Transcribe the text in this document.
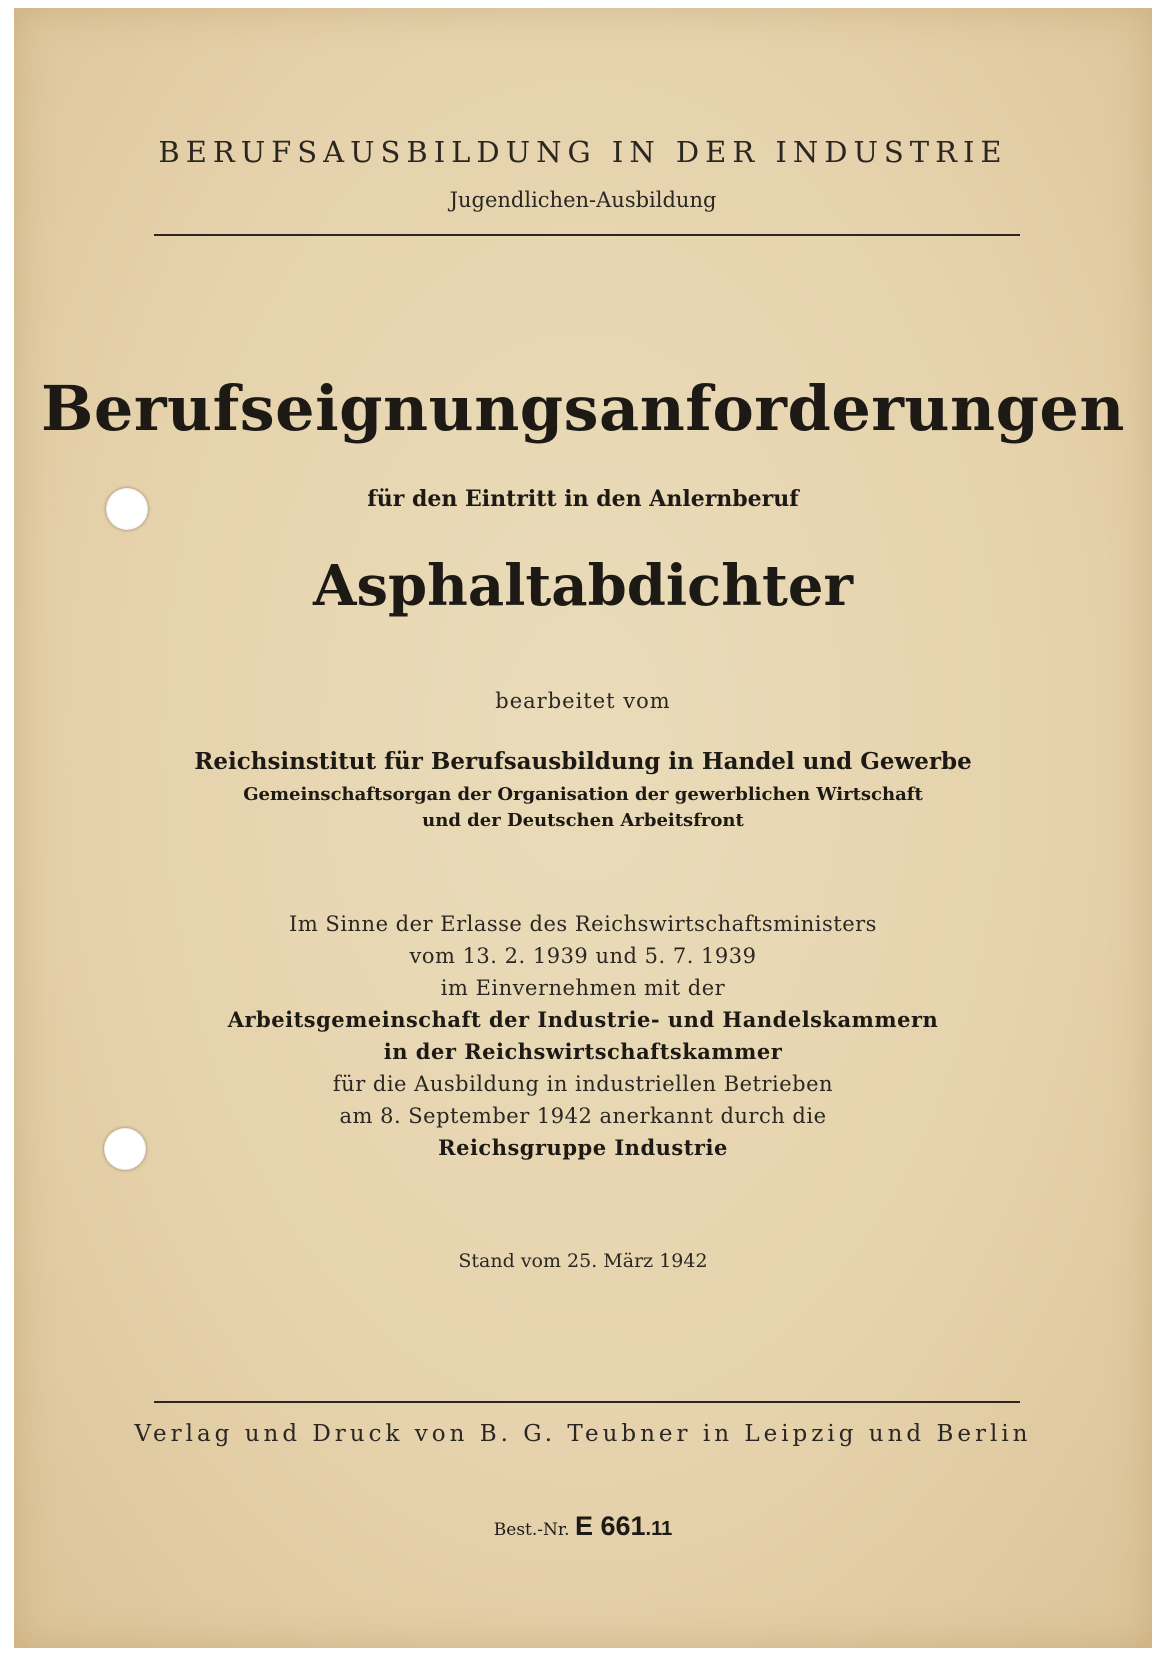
BERUFSAUSBILDUNG IN DER INDUSTRIE
Jugendlichen-Ausbildung
Berufseignungsanforderungen
für den Eintritt in den Anlernberuf
Asphaltabdichter
bearbeitet vom
Reichsinstitut für Berufsausbildung in Handel und Gewerbe
Gemeinschaftsorgan der Organisation der gewerblichen Wirtschaft
und der Deutschen Arbeitsfront
Im Sinne der Erlasse des Reichswirtschaftsministers
vom 13. 2. 1939 und 5. 7. 1939
im Einvernehmen mit der
Arbeitsgemeinschaft der Industrie- und Handelskammern
in der Reichswirtschaftskammer
für die Ausbildung in industriellen Betrieben
am 8. September 1942 anerkannt durch die
Reichsgruppe Industrie
Stand vom 25. März 1942
Verlag und Druck von B. G. Teubner in Leipzig und Berlin
Best.-Nr. E 661.11
